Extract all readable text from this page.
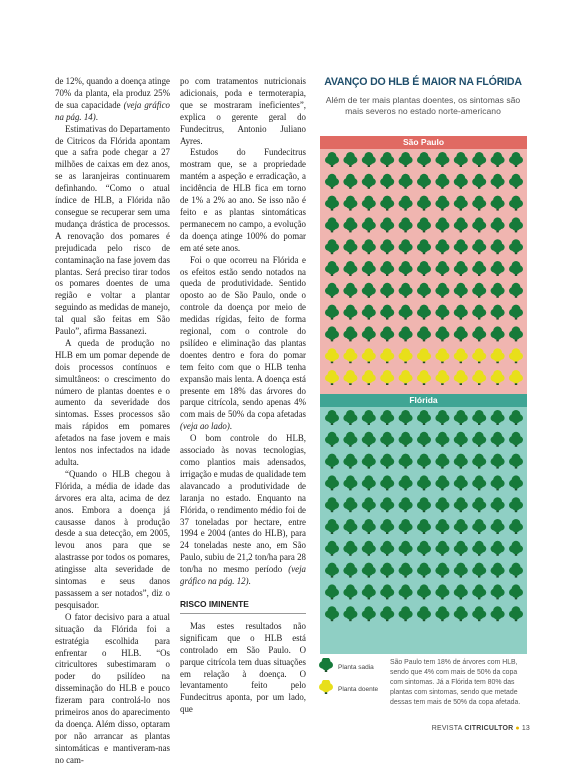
de 12%, quando a doença atinge 70% da planta, ela produz 25% de sua capacidade (veja gráfico na pág. 14).

Estimativas do Departamento de Citricos da Flórida apontam que a safra pode chegar a 27 milhões de caixas em dez anos, se as laranjeiras continuarem definhando. “Como o atual índice de HLB, a Flórida não consegue se recuperar sem uma mudança drástica de processos. A renovação dos pomares é prejudicada pelo risco de contaminação na fase jovem das plantas. Será preciso tirar todos os pomares doentes de uma região e voltar a plantar seguindo as medidas de manejo, tal qual são feitas em São Paulo”, afirma Bassanezi.

A queda de produção no HLB em um pomar depende de dois processos contínuos e simultâneos: o crescimento do número de plantas doentes e o aumento da severidade dos sintomas. Esses processos são mais rápidos em pomares afetados na fase jovem e mais lentos nos infectados na idade adulta.

“Quando o HLB chegou à Flórida, a média de idade das árvores era alta, acima de dez anos. Embora a doença já causasse danos à produção desde a sua detecção, em 2005, levou anos para que se alastrasse por todos os pomares, atingisse alta severidade de sintomas e seus danos passassem a ser notados”, diz o pesquisador.

O fator decisivo para a atual situação da Flórida foi a estratégia escolhida para enfrentar o HLB. “Os citricultores subestimaram o poder do psilídeo na disseminação do HLB e pouco fizeram para controlá-lo nos primeiros anos do aparecimento da doença. Além disso, optaram por não arrancar as plantas sintomáticas e mantiveram-nas no cam-

po com tratamentos nutricionais adicionais, poda e termoterapia, que se mostraram ineficientes”, explica o gerente geral do Fundecitrus, Antonio Juliano Ayres.

Estudos do Fundecitrus mostram que, se a propriedade mantém a aspeção e erradicação, a incidência de HLB fica em torno de 1% a 2% ao ano. Se isso não é feito e as plantas sintomáticas permanecem no campo, a evolução da doença atinge 100% do pomar em até sete anos.

Foi o que ocorreu na Flórida e os efeitos estão sendo notados na queda de produtividade. Sentido oposto ao de São Paulo, onde o controle da doença por meio de medidas rígidas, feito de forma regional, com o controle do psilídeo e eliminação das plantas doentes dentro e fora do pomar tem feito com que o HLB tenha expansão mais lenta. A doença está presente em 18% das árvores do parque citrícola, sendo apenas 4% com mais de 50% da copa afetadas (veja ao lado).

O bom controle do HLB, associado às novas tecnologias, como plantios mais adensados, irrigação e mudas de qualidade tem alavancado a produtividade de laranja no estado. Enquanto na Flórida, o rendimento médio foi de 37 toneladas por hectare, entre 1994 e 2004 (antes do HLB), para 24 toneladas neste ano, em São Paulo, subiu de 21,2 ton/ha para 28 ton/ha no mesmo período (veja gráfico na pág. 12).

RISCO IMINENTE

Mas estes resultados não significam que o HLB está controlado em São Paulo. O parque citrícola tem duas situações em relação à doença. O levantamento feito pelo Fundecitrus aponta, por um lado, que

AVANÇO DO HLB É MAIOR NA FLÓRIDA

Além de ter mais plantas doentes, os sintomas são mais severos no estado norte-americano

São Paulo
Flórida
Planta sadia
Planta doente
São Paulo tem 18% de árvores com HLB, sendo que 4% com mais de 50% da copa com sintomas. Já a Flórida tem 80% das plantas com sintomas, sendo que metade dessas tem mais de 50% da copa afetada.
REVISTA CITRICULTOR ● 13
